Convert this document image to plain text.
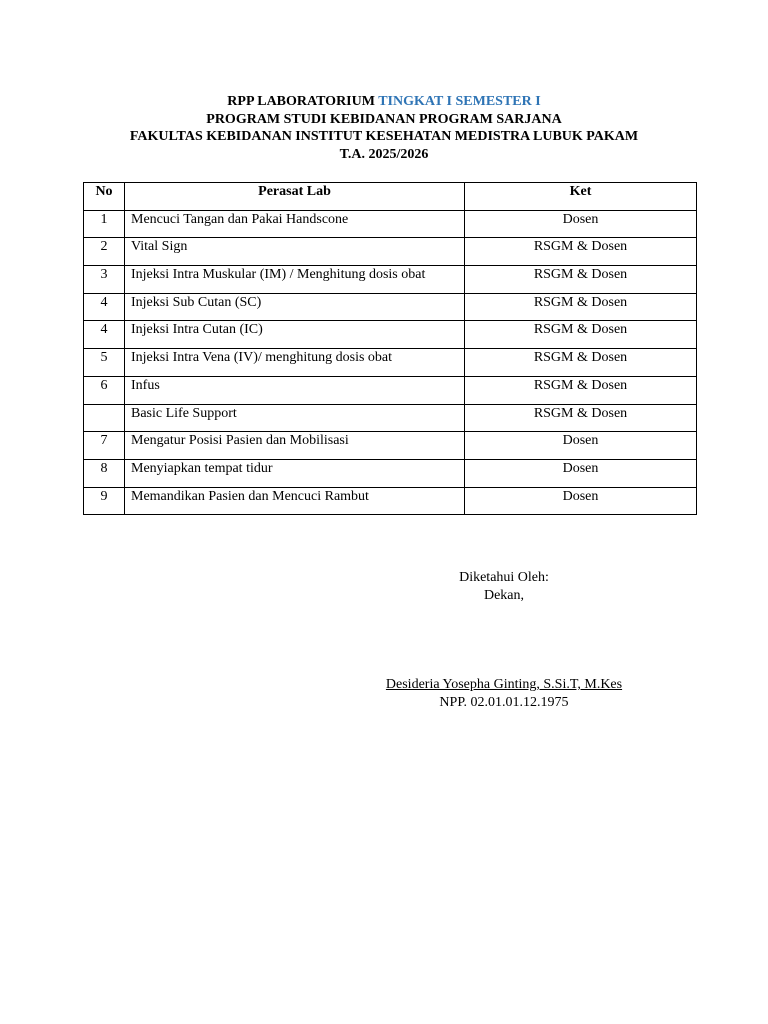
RPP LABORATORIUM TINGKAT I SEMESTER I
PROGRAM STUDI KEBIDANAN PROGRAM SARJANA
FAKULTAS KEBIDANAN INSTITUT KESEHATAN MEDISTRA LUBUK PAKAM
T.A. 2025/2026
No	Perasat Lab	Ket
1	Mencuci Tangan dan Pakai Handscone	Dosen
2	Vital Sign	RSGM & Dosen
3	Injeksi Intra Muskular (IM) / Menghitung dosis obat	RSGM & Dosen
4	Injeksi Sub Cutan (SC)	RSGM & Dosen
4	Injeksi Intra Cutan (IC)	RSGM & Dosen
5	Injeksi Intra Vena (IV)/ menghitung dosis obat	RSGM & Dosen
6	Infus	RSGM & Dosen
	Basic Life Support	RSGM & Dosen
7	Mengatur Posisi Pasien dan Mobilisasi	Dosen
8	Menyiapkan tempat tidur	Dosen
9	Memandikan Pasien dan Mencuci Rambut	Dosen
Diketahui Oleh:
Dekan,
Desideria Yosepha Ginting, S.Si.T, M.Kes
NPP. 02.01.01.12.1975
